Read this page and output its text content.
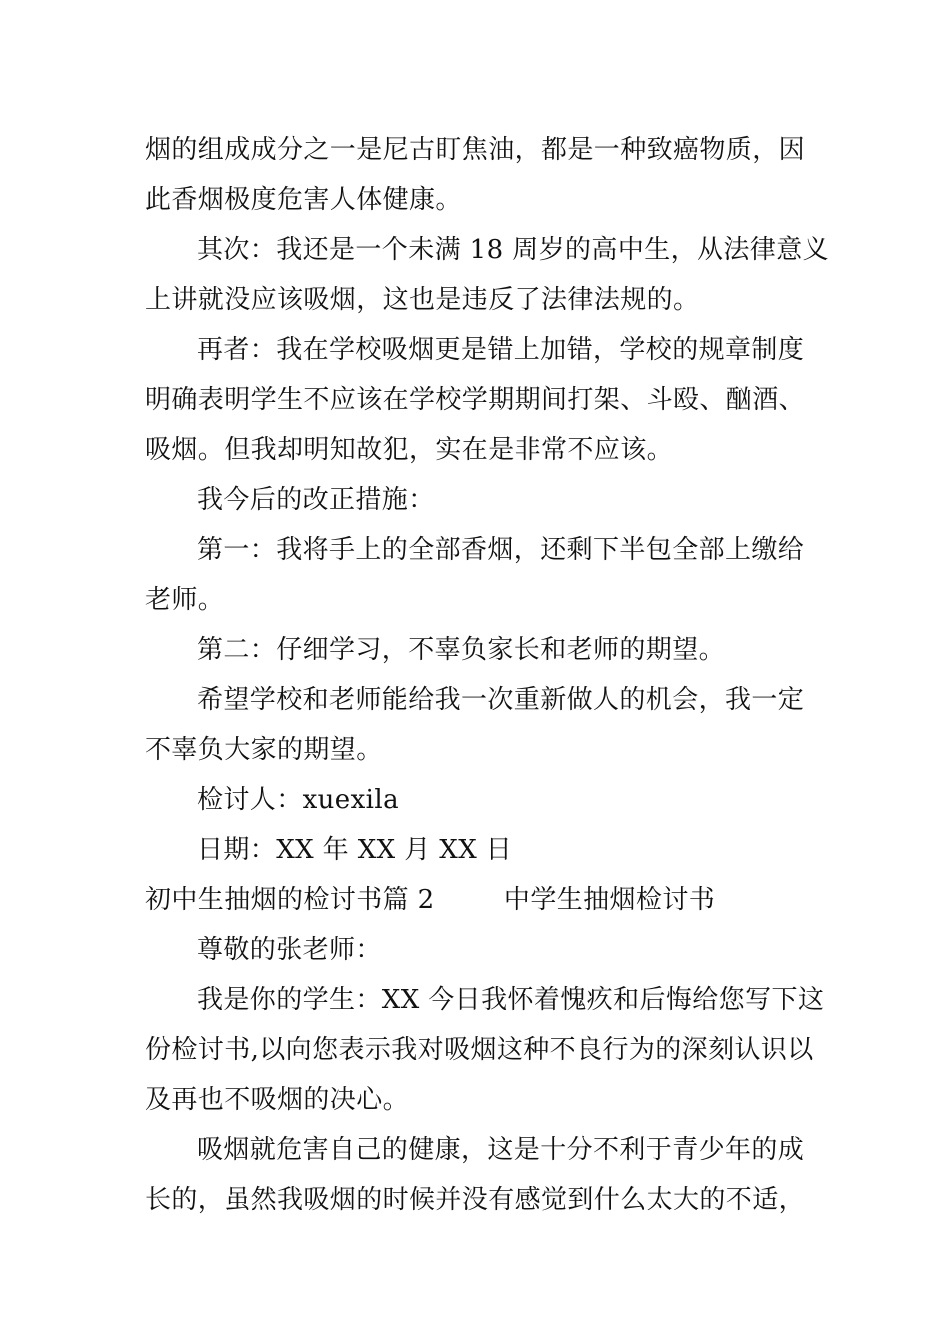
烟的组成成分之一是尼古盯焦油，都是一种致癌物质，因
此香烟极度危害人体健康。
其次：我还是一个未满 18 周岁的高中生，从法律意义
上讲就没应该吸烟，这也是违反了法律法规的。
再者：我在学校吸烟更是错上加错，学校的规章制度
明确表明学生不应该在学校学期期间打架、斗殴、酗酒、
吸烟。但我却明知故犯，实在是非常不应该。
我今后的改正措施：
第一：我将手上的全部香烟，还剩下半包全部上缴给
老师。
第二：仔细学习，不辜负家长和老师的期望。
希望学校和老师能给我一次重新做人的机会，我一定
不辜负大家的期望。
检讨人：xuexila
日期：XX 年 XX 月 XX 日
初中生抽烟的检讨书篇 2        中学生抽烟检讨书
尊敬的张老师：
我是你的学生：XX 今日我怀着愧疚和后悔给您写下这
份检讨书,以向您表示我对吸烟这种不良行为的深刻认识以
及再也不吸烟的决心。
吸烟就危害自己的健康，这是十分不利于青少年的成
长的，虽然我吸烟的时候并没有感觉到什么太大的不适，
